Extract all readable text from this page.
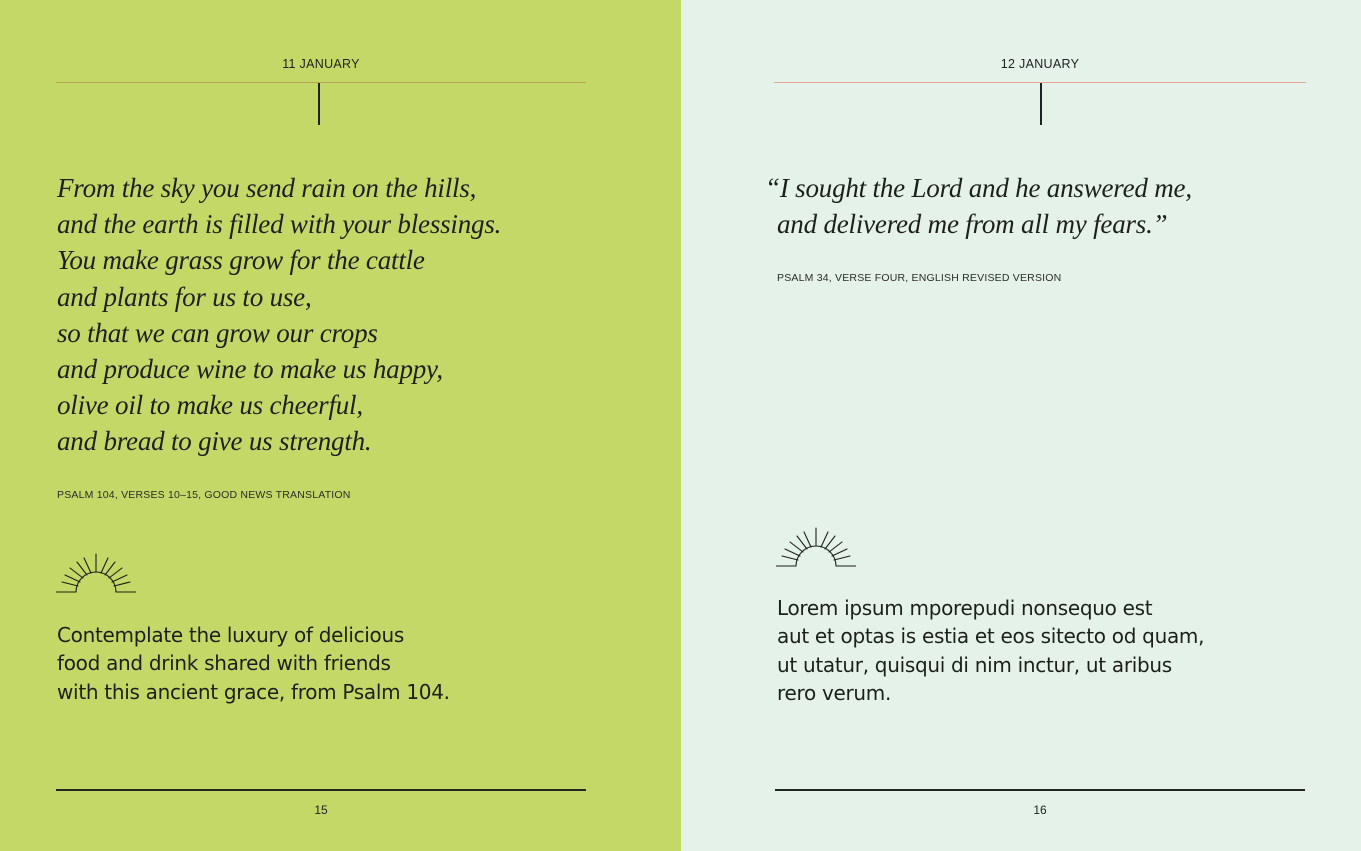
11 JANUARY
From the sky you send rain on the hills,
and the earth is filled with your blessings.
You make grass grow for the cattle
and plants for us to use,
so that we can grow our crops
and produce wine to make us happy,
olive oil to make us cheerful,
and bread to give us strength.
PSALM 104, VERSES 10–15, GOOD NEWS TRANSLATION
Contemplate the luxury of delicious
food and drink shared with friends
with this ancient grace, from Psalm 104.
15
12 JANUARY
“I sought the Lord and he answered me,
and delivered me from all my fears.”
PSALM 34, VERSE FOUR, ENGLISH REVISED VERSION
Lorem ipsum mporepudi nonsequo est
aut et optas is estia et eos sitecto od quam,
ut utatur, quisqui di nim inctur, ut aribus
rero verum.
16
